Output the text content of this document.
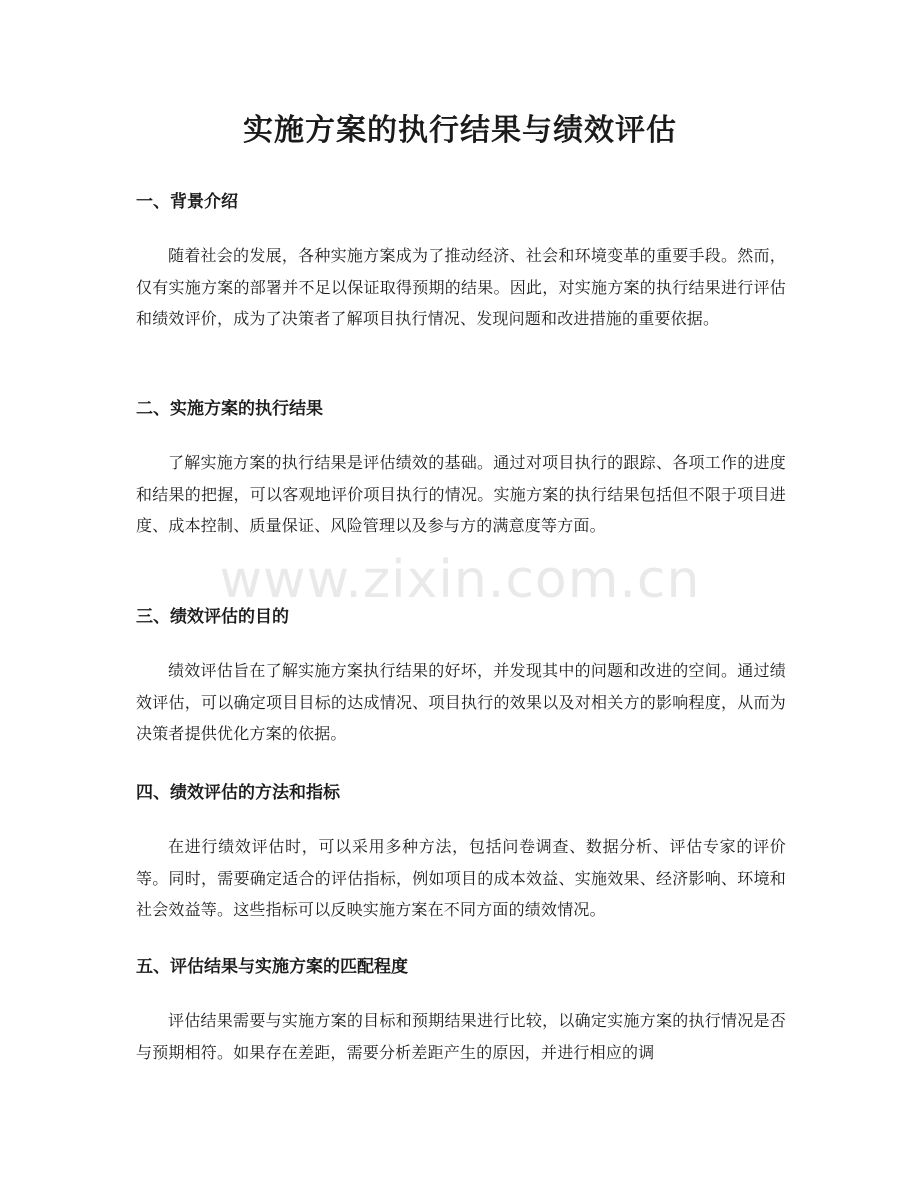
实施方案的执行结果与绩效评估
一、背景介绍
随着社会的发展，各种实施方案成为了推动经济、社会和环境变革的重要手段。然而，仅有实施方案的部署并不足以保证取得预期的结果。因此，对实施方案的执行结果进行评估和绩效评价，成为了决策者了解项目执行情况、发现问题和改进措施的重要依据。
二、实施方案的执行结果
了解实施方案的执行结果是评估绩效的基础。通过对项目执行的跟踪、各项工作的进度和结果的把握，可以客观地评价项目执行的情况。实施方案的执行结果包括但不限于项目进度、成本控制、质量保证、风险管理以及参与方的满意度等方面。
三、绩效评估的目的
绩效评估旨在了解实施方案执行结果的好坏，并发现其中的问题和改进的空间。通过绩效评估，可以确定项目目标的达成情况、项目执行的效果以及对相关方的影响程度，从而为决策者提供优化方案的依据。
四、绩效评估的方法和指标
在进行绩效评估时，可以采用多种方法，包括问卷调查、数据分析、评估专家的评价等。同时，需要确定适合的评估指标，例如项目的成本效益、实施效果、经济影响、环境和社会效益等。这些指标可以反映实施方案在不同方面的绩效情况。
五、评估结果与实施方案的匹配程度
评估结果需要与实施方案的目标和预期结果进行比较，以确定实施方案的执行情况是否与预期相符。如果存在差距，需要分析差距产生的原因，并进行相应的调
www.zixin.com.cn
